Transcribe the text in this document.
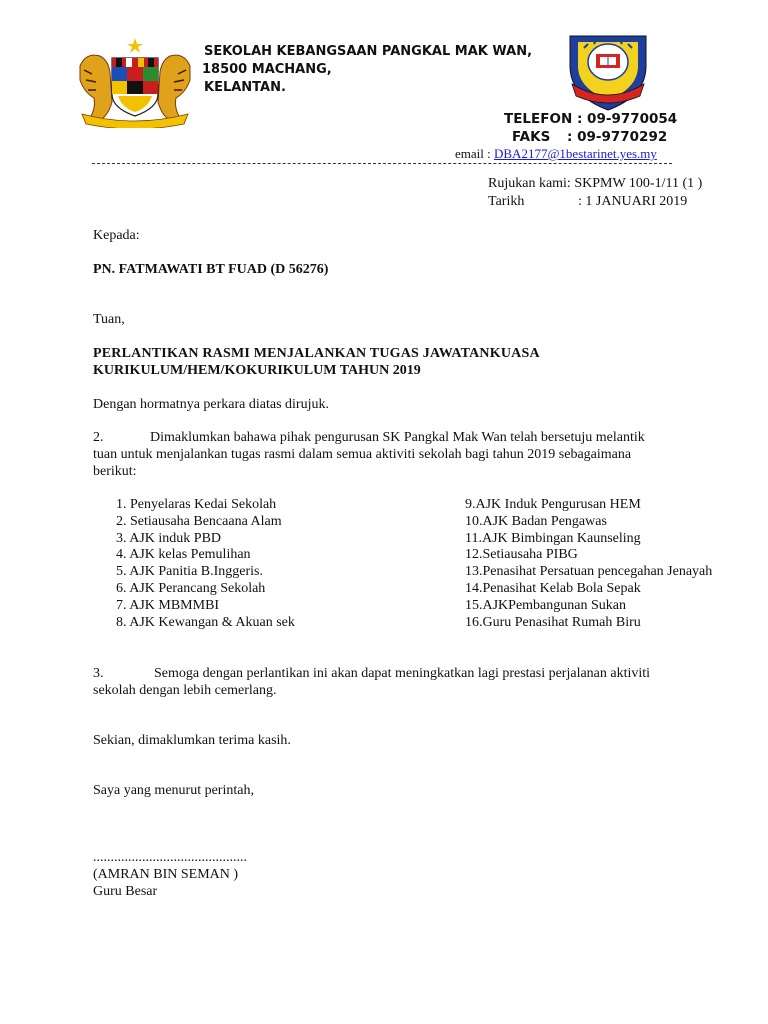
SEKOLAH KEBANGSAAN PANGKAL MAK WAN,
18500 MACHANG,
KELANTAN.
TELEFON : 09-9770054
FAKS : 09-9770292
email : DBA2177@1bestarinet.yes.my
Rujukan kami: SKPMW 100-1/11 (1 )
Tarikh	: 1 JANUARI 2019
Kepada:
PN. FATMAWATI BT FUAD (D 56276)
Tuan,
PERLANTIKAN RASMI MENJALANKAN TUGAS JAWATANKUASA
KURIKULUM/HEM/KOKURIKULUM TAHUN 2019
Dengan hormatnya perkara diatas dirujuk.
2.	Dimaklumkan bahawa pihak pengurusan SK Pangkal Mak Wan telah bersetuju melantik
tuan untuk menjalankan tugas rasmi dalam semua aktiviti sekolah bagi tahun 2019 sebagaimana
berikut:
1. Penyelaras Kedai Sekolah
2. Setiausaha Bencaana Alam
3. AJK induk PBD
4. AJK kelas Pemulihan
5. AJK Panitia B.Inggeris.
6. AJK Perancang Sekolah
7. AJK MBMMBI
8. AJK Kewangan & Akuan sek
9.AJK Induk Pengurusan HEM
10.AJK Badan Pengawas
11.AJK Bimbingan Kaunseling
12.Setiausaha PIBG
13.Penasihat Persatuan pencegahan Jenayah
14.Penasihat Kelab Bola Sepak
15.AJKPembangunan Sukan
16.Guru Penasihat Rumah Biru
3.	Semoga dengan perlantikan ini akan dapat meningkatkan lagi prestasi perjalanan aktiviti
sekolah dengan lebih cemerlang.
Sekian, dimaklumkan terima kasih.
Saya yang menurut perintah,
............................................
(AMRAN BIN SEMAN )
Guru Besar
